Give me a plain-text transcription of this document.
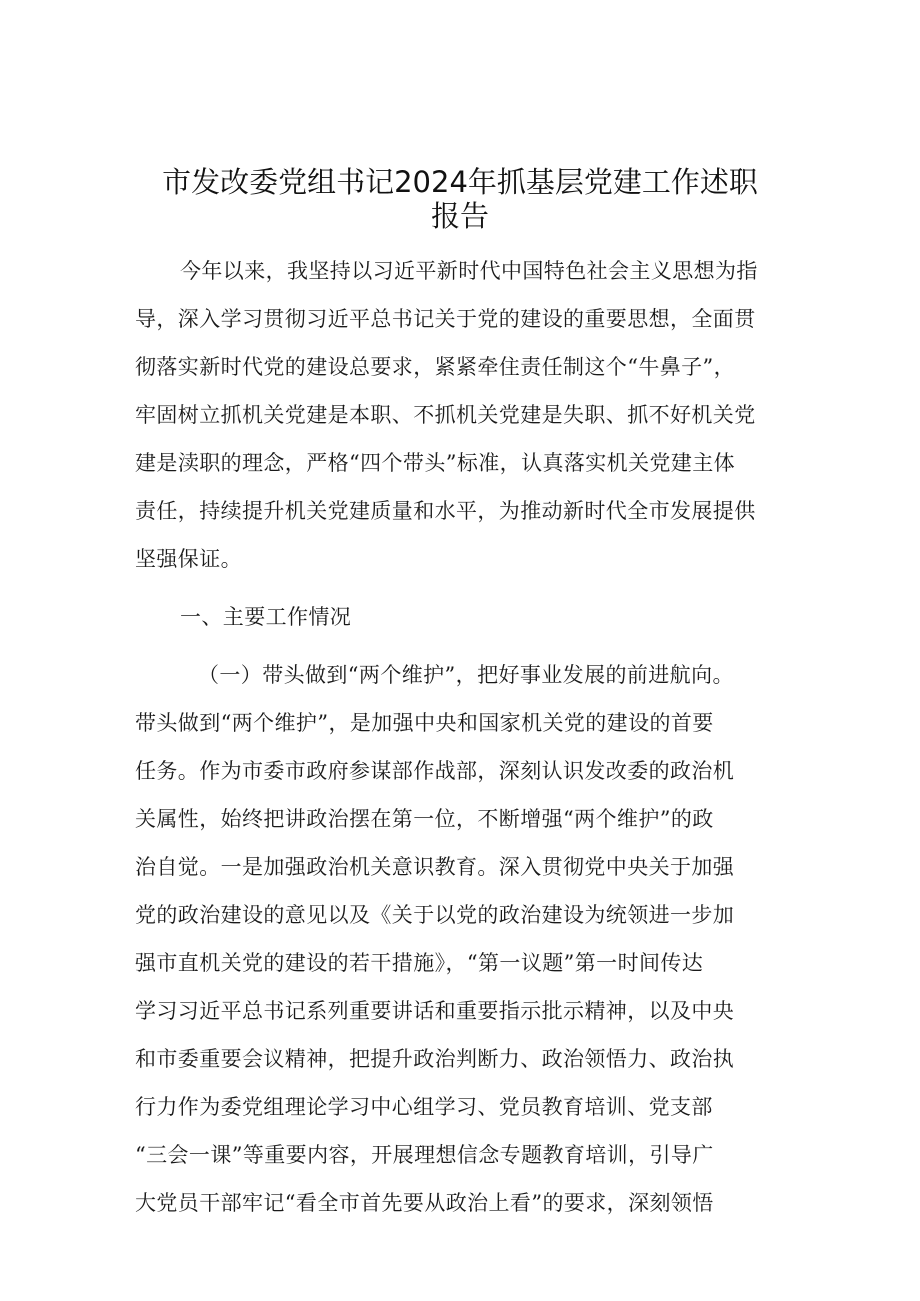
市发改委党组书记2024年抓基层党建工作述职
报告
今年以来，我坚持以习近平新时代中国特色社会主义思想为指
导，深入学习贯彻习近平总书记关于党的建设的重要思想，全面贯
彻落实新时代党的建设总要求，紧紧牵住责任制这个“牛鼻子”，
牢固树立抓机关党建是本职、不抓机关党建是失职、抓不好机关党
建是渎职的理念，严格“四个带头”标准，认真落实机关党建主体
责任，持续提升机关党建质量和水平，为推动新时代全市发展提供
坚强保证。
一、主要工作情况
（一）带头做到“两个维护”，把好事业发展的前进航向。
带头做到“两个维护”，是加强中央和国家机关党的建设的首要
任务。作为市委市政府参谋部作战部，深刻认识发改委的政治机
关属性，始终把讲政治摆在第一位，不断增强“两个维护”的政
治自觉。一是加强政治机关意识教育。深入贯彻党中央关于加强
党的政治建设的意见以及《关于以党的政治建设为统领进一步加
强市直机关党的建设的若干措施》，“第一议题”第一时间传达
学习习近平总书记系列重要讲话和重要指示批示精神，以及中央
和市委重要会议精神，把提升政治判断力、政治领悟力、政治执
行力作为委党组理论学习中心组学习、党员教育培训、党支部
“三会一课”等重要内容，开展理想信念专题教育培训，引导广
大党员干部牢记“看全市首先要从政治上看”的要求，深刻领悟
